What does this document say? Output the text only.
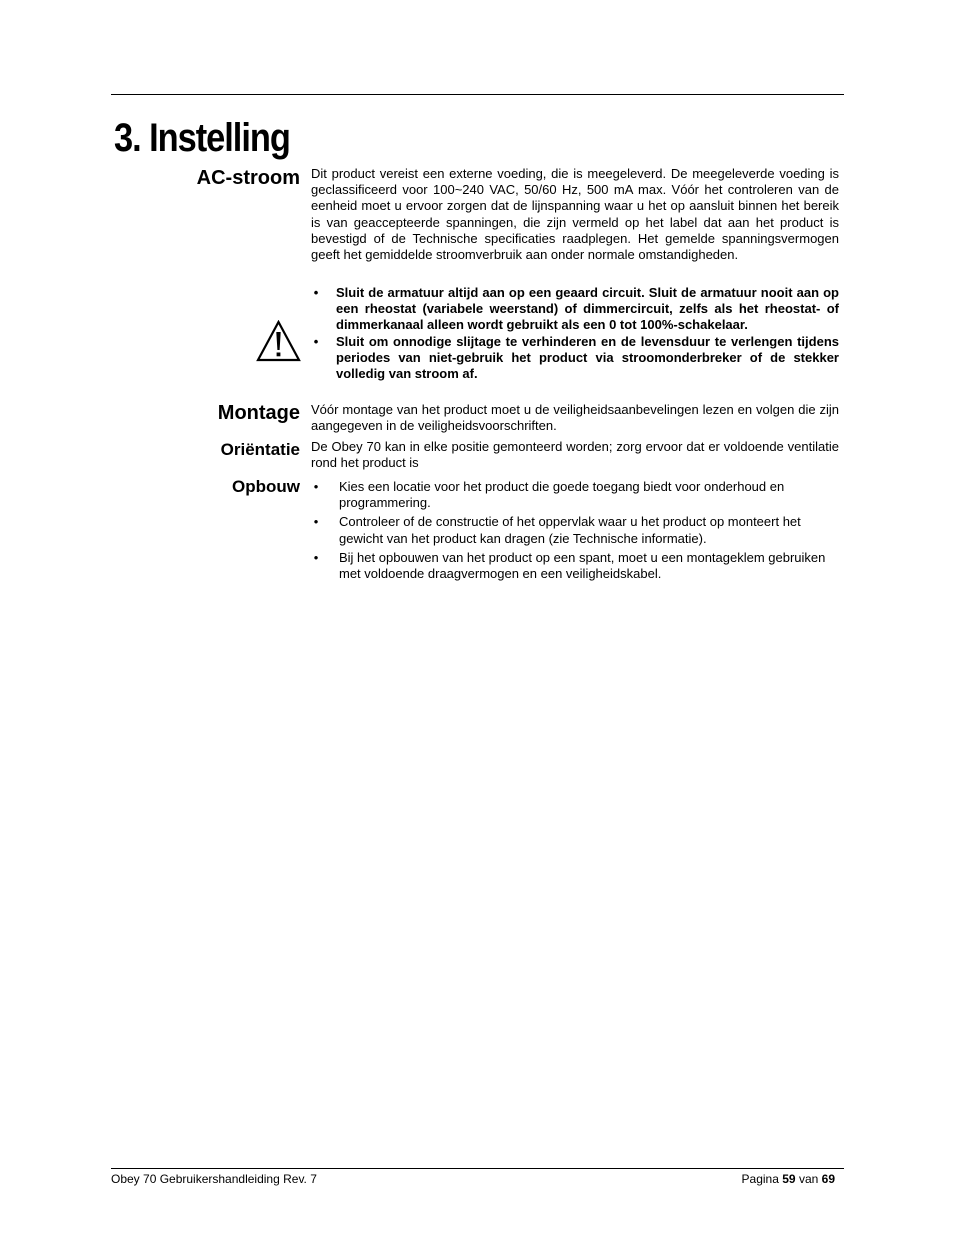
3. Instelling
AC-stroom Dit product vereist een externe voeding, die is meegeleverd. De meegeleverde voeding is geclassificeerd voor 100~240 VAC, 50/60 Hz, 500 mA max. Vóór het controleren van de eenheid moet u ervoor zorgen dat de lijnspanning waar u het op aansluit binnen het bereik is van geaccepteerde spanningen, die zijn vermeld op het label dat aan het product is bevestigd of de Technische specificaties raadplegen. Het gemelde spanningsvermogen geeft het gemiddelde stroomverbruik aan onder normale omstandigheden.

• Sluit de armatuur altijd aan op een geaard circuit. Sluit de armatuur nooit aan op een rheostat (variabele weerstand) of dimmercircuit, zelfs als het rheostat- of dimmerkanaal alleen wordt gebruikt als een 0 tot 100%-schakelaar.
• Sluit om onnodige slijtage te verhinderen en de levensduur te verlengen tijdens periodes van niet-gebruik het product via stroomonderbreker of de stekker volledig van stroom af.
Montage Vóór montage van het product moet u de veiligheidsaanbevelingen lezen en volgen die zijn aangegeven in de veiligheidsvoorschriften.

Oriëntatie De Obey 70 kan in elke positie gemonteerd worden; zorg ervoor dat er voldoende ventilatie rond het product is

Opbouw • Kies een locatie voor het product die goede toegang biedt voor onderhoud en programmering.
• Controleer of de constructie of het oppervlak waar u het product op monteert het gewicht van het product kan dragen (zie Technische informatie).
• Bij het opbouwen van het product op een spant, moet u een montageklem gebruiken met voldoende draagvermogen en een veiligheidskabel.
Obey 70 Gebruikershandleiding Rev. 7	Pagina 59 van 69
